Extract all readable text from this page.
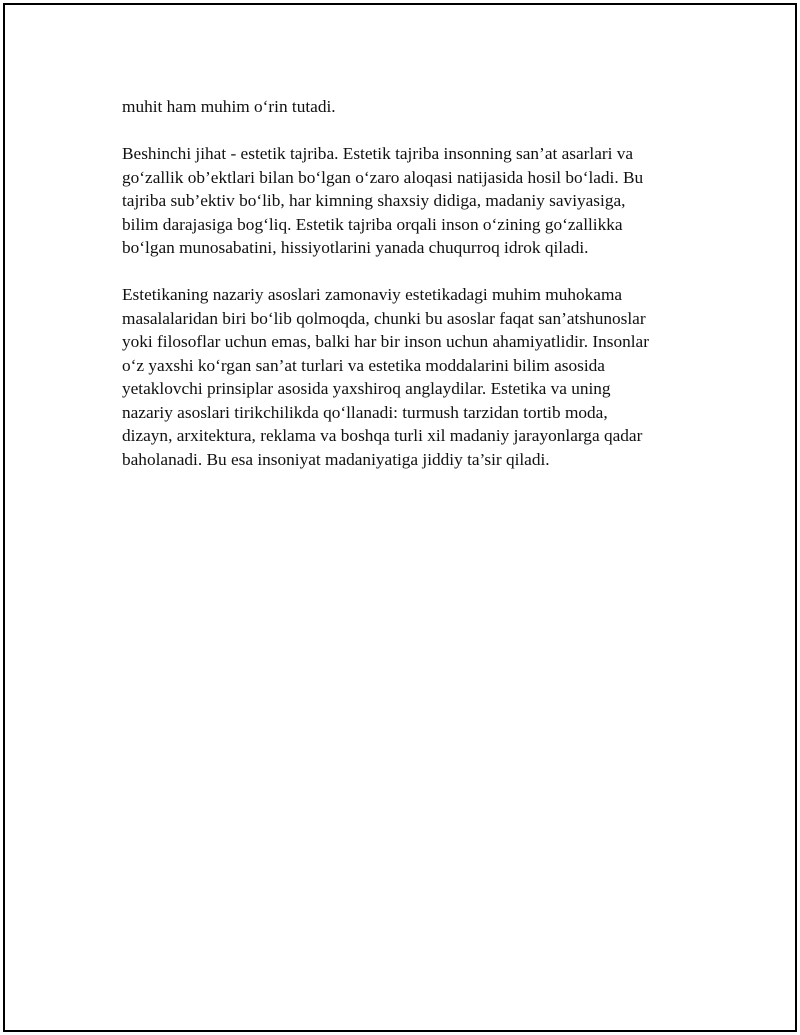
muhit ham muhim o‘rin tutadi.

Beshinchi jihat - estetik tajriba. Estetik tajriba insonning san’at asarlari va
go‘zallik ob’ektlari bilan bo‘lgan o‘zaro aloqasi natijasida hosil bo‘ladi. Bu
tajriba sub’ektiv bo‘lib, har kimning shaxsiy didiga, madaniy saviyasiga,
bilim darajasiga bog‘liq. Estetik tajriba orqali inson o‘zining go‘zallikka
bo‘lgan munosabatini, hissiyotlarini yanada chuqurroq idrok qiladi.

Estetikaning nazariy asoslari zamonaviy estetikadagi muhim muhokama
masalalaridan biri bo‘lib qolmoqda, chunki bu asoslar faqat san’atshunoslar
yoki filosoflar uchun emas, balki har bir inson uchun ahamiyatlidir. Insonlar
o‘z yaxshi ko‘rgan san’at turlari va estetika moddalarini bilim asosida
yetaklovchi prinsiplar asosida yaxshiroq anglaydilar. Estetika va uning
nazariy asoslari tirikchilikda qo‘llanadi: turmush tarzidan tortib moda,
dizayn, arxitektura, reklama va boshqa turli xil madaniy jarayonlarga qadar
baholanadi. Bu esa insoniyat madaniyatiga jiddiy ta’sir qiladi.
